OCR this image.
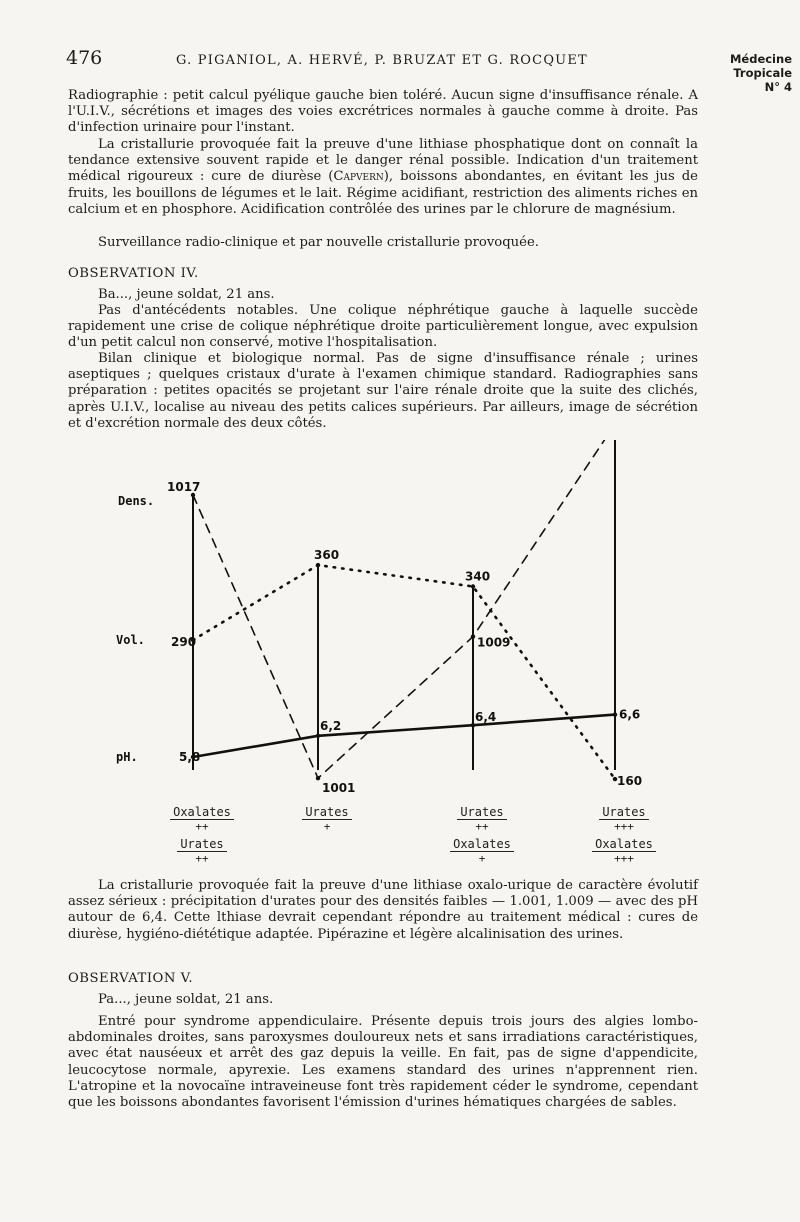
476	G. PIGANIOL, A. HERVÉ, P. BRUZAT ET G. ROCQUET	Médecine
Tropicale
N° 4

Radiographie : petit calcul pyélique gauche bien toléré. Aucun signe d'insuffisance rénale. A l'U.I.V., sécrétions et images des voies excrétrices normales à gauche comme à droite. Pas d'infection urinaire pour l'instant.

La cristallurie provoquée fait la preuve d'une lithiase phosphatique dont on connaît la tendance extensive souvent rapide et le danger rénal possible. Indication d'un traitement médical rigoureux : cure de diurèse (Capvern), boissons abondantes, en évitant les jus de fruits, les bouillons de légumes et le lait. Régime acidifiant, restriction des aliments riches en calcium et en phosphore. Acidification contrôlée des urines par le chlorure de magnésium.

Surveillance radio-clinique et par nouvelle cristallurie provoquée.

OBSERVATION IV.

Ba..., jeune soldat, 21 ans.

Pas d'antécédents notables. Une colique néphrétique gauche à laquelle succède rapidement une crise de colique néphrétique droite particulièrement longue, avec expulsion d'un petit calcul non conservé, motive l'hospitalisation.

Bilan clinique et biologique normal. Pas de signe d'insuffisance rénale ; urines aseptiques ; quelques cristaux d'urate à l'examen chimique standard. Radiographies sans préparation : petites opacités se projetant sur l'aire rénale droite que la suite des clichés, après U.I.V., localise au niveau des petits calices supérieurs. Par ailleurs, image de sécrétion et d'excrétion normale des deux côtés.

1017
1001
1009
Dens.
290
360
340
160
Vol.
5,8
6,2
6,4	6,6
pH.
Oxalates
++
Urates
++
Urates
+
Urates
++
Oxalates
+
Urates
+++
Oxalates
+++

La cristallurie provoquée fait la preuve d'une lithiase oxalo-urique de caractère évolutif assez sérieux : précipitation d'urates pour des densités faibles — 1.001, 1.009 — avec des pH autour de 6,4. Cette lthiase devrait cependant répondre au traitement médical : cures de diurèse, hygiéno-diététique adaptée. Pipérazine et légère alcalinisation des urines.

OBSERVATION V.

Pa..., jeune soldat, 21 ans.

Entré pour syndrome appendiculaire. Présente depuis trois jours des algies lombo-abdominales droites, sans paroxysmes douloureux nets et sans irradiations caractéristiques, avec état nauséeux et arrêt des gaz depuis la veille. En fait, pas de signe d'appendicite, leucocytose normale, apyrexie. Les examens standard des urines n'apprennent rien. L'atropine et la novocaïne intraveineuse font très rapidement céder le syndrome, cependant que les boissons abondantes favorisent l'émission d'urines hématiques chargées de sables.
